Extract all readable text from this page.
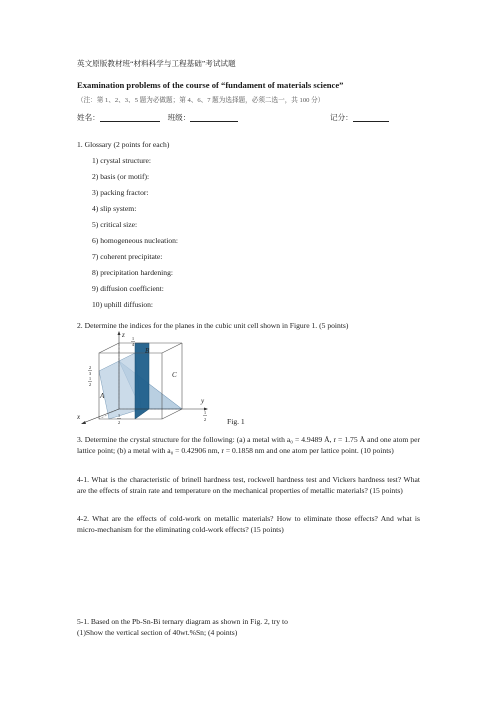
英文原版教材班“材料科学与工程基础”考试试题
Examination problems of the course of “fundament of materials science”
（注：第 1、2、3、5 题为必做题；第 4、6、7 题为选择题，必须二选一，共 100 分）
姓名：	班级：	记分：
1. Glossary (2 points for each)
1) crystal structure:
2) basis (or motif):
3) packing fractor:
4) slip system:
5) critical size:
6) homogeneous nucleation:
7) coherent precipitate:
8) precipitation hardening:
9) diffusion coefficient:
10) uphill diffusion:
2. Determine the indices for the planes in the cubic unit cell shown in Figure 1. (5 points)
z
y
x
A
B
C
1
4
2
3
1
2
1
2
1
2	Fig. 1
3. Determine the crystal structure for the following: (a) a metal with a₀ = 4.9489 Å, r = 1.75 Å and one atom per lattice point; (b) a metal with a₀ = 0.42906 nm, r = 0.1858 nm and one atom per lattice point. (10 points)
4-1. What is the characteristic of brinell hardness test, rockwell hardness test and Vickers hardness test? What are the effects of strain rate and temperature on the mechanical properties of metallic materials? (15 points)
4-2. What are the effects of cold-work on metallic materials? How to eliminate those effects? And what is micro-mechanism for the eliminating cold-work effects? (15 points)
5-1. Based on the Pb-Sn-Bi ternary diagram as shown in Fig. 2, try to
(1)Show the vertical section of 40wt.%Sn; (4 points)
